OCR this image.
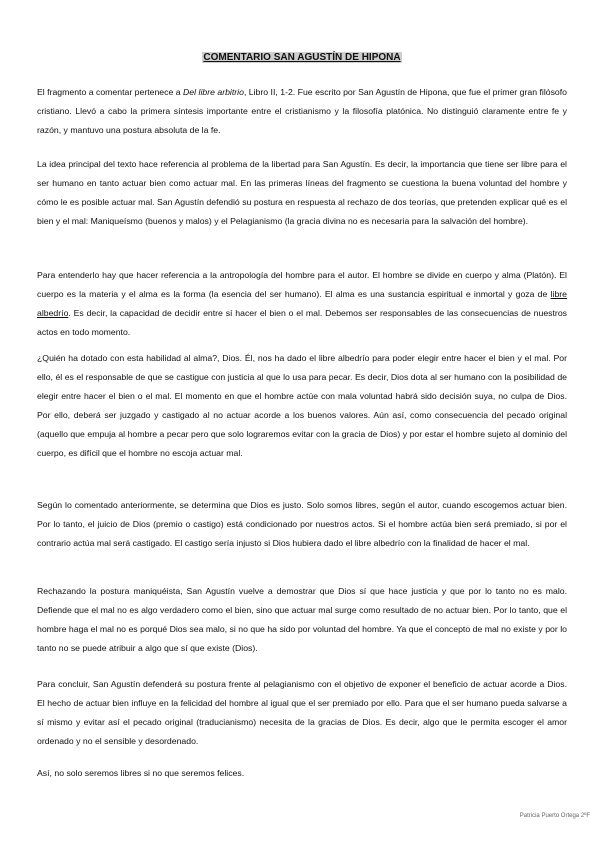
COMENTARIO SAN AGUSTÍN DE HIPONA

El fragmento a comentar pertenece a Del libre arbitrio, Libro II, 1-2. Fue escrito por San Agustín de Hipona, que fue el primer gran filósofo cristiano. Llevó a cabo la primera síntesis importante entre el cristianismo y la filosofía platónica. No distinguió claramente entre fe y razón, y mantuvo una postura absoluta de la fe.

La idea principal del texto hace referencia al problema de la libertad para San Agustín. Es decir, la importancia que tiene ser libre para el ser humano en tanto actuar bien como actuar mal. En las primeras líneas del fragmento se cuestiona la buena voluntad del hombre y cómo le es posible actuar mal. San Agustín defendió su postura en respuesta al rechazo de dos teorías, que pretenden explicar qué es el bien y el mal: Maniqueísmo (buenos y malos) y el Pelagianismo (la gracia divina no es necesaria para la salvación del hombre).

Para entenderlo hay que hacer referencia a la antropología del hombre para el autor. El hombre se divide en cuerpo y alma (Platón). El cuerpo es la materia y el alma es la forma (la esencia del ser humano). El alma es una sustancia espiritual e inmortal y goza de libre albedrío. Es decir, la capacidad de decidir entre sí hacer el bien o el mal. Debemos ser responsables de las consecuencias de nuestros actos en todo momento.

¿Quién ha dotado con esta habilidad al alma?, Dios. Él, nos ha dado el libre albedrío para poder elegir entre hacer el bien y el mal. Por ello, él es el responsable de que se castigue con justicia al que lo usa para pecar. Es decir, Dios dota al ser humano con la posibilidad de elegir entre hacer el bien o el mal. El momento en que el hombre actúe con mala voluntad habrá sido decisión suya, no culpa de Dios. Por ello, deberá ser juzgado y castigado al no actuar acorde a los buenos valores. Aún así, como consecuencia del pecado original (aquello que empuja al hombre a pecar pero que solo lograremos evitar con la gracia de Dios) y por estar el hombre sujeto al dominio del cuerpo, es difícil que el hombre no escoja actuar mal.

Según lo comentado anteriormente, se determina que Dios es justo. Solo somos libres, según el autor, cuando escogemos actuar bien. Por lo tanto, el juicio de Dios (premio o castigo) está condicionado por nuestros actos. Si el hombre actúa bien será premiado, si por el contrario actúa mal será castigado. El castigo sería injusto si Dios hubiera dado el libre albedrío con la finalidad de hacer el mal.

Rechazando la postura maniquéista, San Agustín vuelve a demostrar que Dios sí que hace justicia y que por lo tanto no es malo. Defiende que el mal no es algo verdadero como el bien, sino que actuar mal surge como resultado de no actuar bien. Por lo tanto, que el hombre haga el mal no es porqué Dios sea malo, si no que ha sido por voluntad del hombre. Ya que el concepto de mal no existe y por lo tanto no se puede atribuir a algo que sí que existe (Dios).

Para concluir, San Agustín defenderá su postura frente al pelagianismo con el objetivo de exponer el beneficio de actuar acorde a Dios. El hecho de actuar bien influye en la felicidad del hombre al igual que el ser premiado por ello. Para que el ser humano pueda salvarse a sí mismo y evitar así el pecado original (traducianismo) necesita de la gracias de Dios. Es decir, algo que le permita escoger el amor ordenado y no el sensible y desordenado.

Así, no solo seremos libres si no que seremos felices.

Patricia Puerto Ortega 2ºF
